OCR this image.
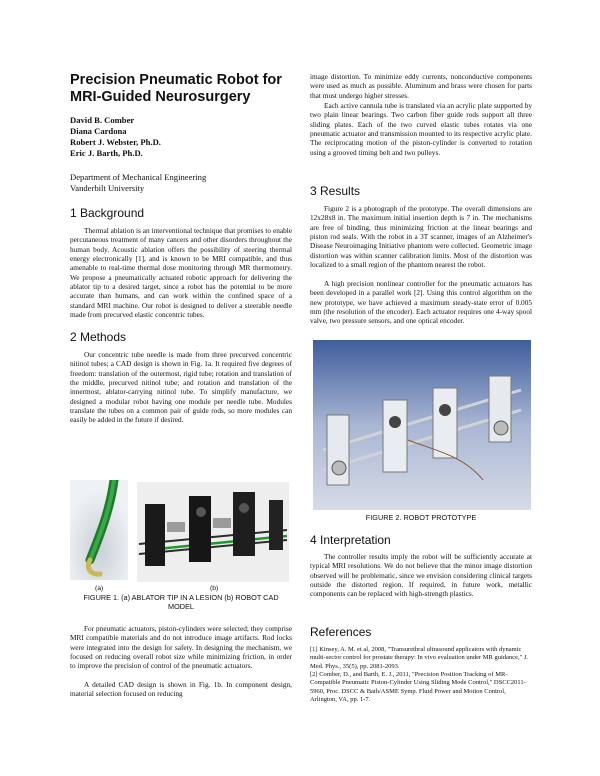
Precision Pneumatic Robot for MRI-Guided Neurosurgery
David B. Comber
Diana Cardona
Robert J. Webster, Ph.D.
Eric J. Barth, Ph.D.
Department of Mechanical Engineering
Vanderbilt University
1 Background

Thermal ablation is an interventional technique that promises to enable percutaneous treatment of many cancers and other disorders throughout the human body. Acoustic ablation offers the possibility of steering thermal energy electronically [1], and is known to be MRI compatible, and thus amenable to real-time thermal dose monitoring through MR thermometry. We propose a pneumatically actuated robotic approach for delivering the ablator tip to a desired target, since a robot has the potential to be more accurate than humans, and can work within the confined space of a standard MRI machine. Our robot is designed to deliver a steerable needle made from precurved elastic concentric tubes.

2 Methods

Our concentric tube needle is made from three precurved concentric nitinol tubes; a CAD design is shown in Fig. 1a. It required five degrees of freedom: translation of the outermost, rigid tube; rotation and translation of the middle, precurved nitinol tube; and rotation and translation of the innermost, ablator-carrying nitinol tube. To simplify manufacture, we designed a modular robot having one module per needle tube. Modules translate the tubes on a common pair of guide rods, so more modules can easily be added in the future if desired.

(a)	(b)
FIGURE 1. (a) ABLATOR TIP IN A LESION (b) ROBOT CAD MODEL

For pneumatic actuators, piston-cylinders were selected; they comprise MRI compatible materials and do not introduce image artifacts. Rod locks were integrated into the design for safety. In designing the mechanism, we focused on reducing overall robot size while minimizing friction, in order to improve the precision of control of the pneumatic actuators.

A detailed CAD design is shown in Fig. 1b. In component design, material selection focused on reducing

image distortion. To minimize eddy currents, nonconductive components were used as much as possible. Aluminum and brass were chosen for parts that must undergo higher stresses.

Each active cannula tube is translated via an acrylic plate supported by two plain linear bearings. Two carbon fiber guide rods support all three sliding plates. Each of the two curved elastic tubes rotates via one pneumatic actuator and transmission mounted to its respective acrylic plate. The reciprocating motion of the piston-cylinder is converted to rotation using a grooved timing belt and two pulleys.

3 Results

Figure 2 is a photograph of the prototype. The overall dimensions are 12x28x8 in. The maximum initial insertion depth is 7 in. The mechanisms are free of binding, thus minimizing friction at the linear bearings and piston rod seals. With the robot in a 3T scanner, images of an Alzheimer's Disease Neuroimaging Initiative phantom were collected. Geometric image distortion was within scanner calibration limits. Most of the distortion was localized to a small region of the phantom nearest the robot.

A high precision nonlinear controller for the pneumatic actuators has been developed in a parallel work [2]. Using this control algorithm on the new prototype, we have achieved a maximum steady-state error of 0.005 mm (the resolution of the encoder). Each actuator requires one 4-way spool valve, two pressure sensors, and one optical encoder.

FIGURE 2. ROBOT PROTOTYPE
4 Interpretation

The controller results imply the robot will be sufficiently accurate at typical MRI resolutions. We do not believe that the minor image distortion observed will be problematic, since we envision considering clinical targets outside the distorted region. If required, in future work, metallic components can be replaced with high-strength plastics.

References

[1] Kinsey, A. M. et al, 2008, "Transurethral ultrasound applicators with dynamic multi-sector control for prostate therapy: In vivo evaluation under MR guidance," J. Med. Phys., 35(5), pp. 2081-2093.

[2] Comber, D., and Barth, E. J., 2011, "Precision Position Tracking of MR-Compatible Pneumatic Piston-Cylinder Using Sliding Mode Control," DSCC2011-5960, Proc. DSCC & Bath/ASME Symp. Fluid Power and Motion Control, Arlington, VA, pp. 1-7.
